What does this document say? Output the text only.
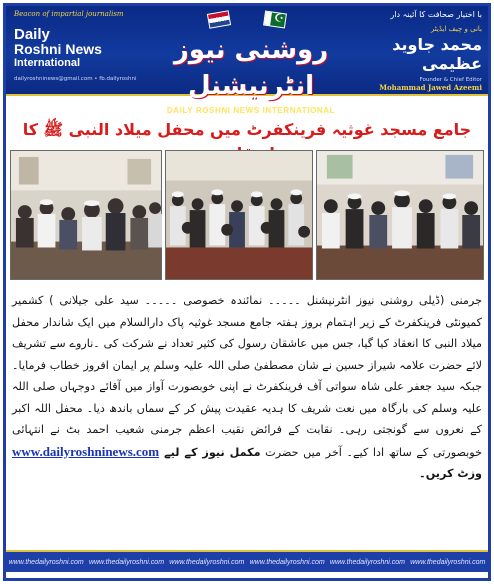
Beacon of impartial journalism
Daily
Roshni News
International
dailyroshninews@gmail.com • fb.dailyroshni
☪
روشنی نیوز انٹرنیشنل
DAILY ROSHNI NEWS INTERNATIONAL
با اختیار صحافت کا آئینہ دار
بانی و چیف ایڈیٹر
محمد جاوید عظیمی
Founder & Chief Editor
Mohammad Jawed Azeemi
جامع مسجد غوثیہ فرینکفرٹ میں محفل میلاد النبی ﷺ کا
جرمنی (ڈیلی روشنی نیوز انٹرنیشنل ۔۔۔۔۔ نمائندہ خصوصی ۔۔۔۔۔ سید علی جیلانی ) کشمیر کمیونٹی فرینکفرٹ کے زیر اہتمام بروز ہفتہ جامع مسجد غوثیہ پاک دارالسلام میں ایک شاندار محفل میلاد النبی کا انعقاد کیا گیا، جس میں عاشقان رسول کی کثیر تعداد نے شرکت کی ۔ناروے سے تشریف لائے حضرت علامہ شیراز حسین نے شان مصطفیٰ صلی اللہ علیہ وسلم پر ایمان افروز خطاب فرمایا۔ جبکہ سید جعفر علی شاہ سواتی آف فرینکفرٹ نے اپنی خوبصورت آواز میں آقائے دوجہاں صلی اللہ علیہ وسلم کی بارگاہ میں نعت شریف کا ہدیہ عقیدت پیش کر کے سماں باندھ دیا۔ محفل اللہ اکبر کے نعروں سے گونجتی رہی۔ نقابت کے فرائض نقیب اعظم جرمنی شعیب احمد بٹ نے انتہائی خوبصورتی کے ساتھ ادا کیے۔ آخر میں حضرت مکمل نیوز کے لیے www.dailyroshninews.com وزٹ کریں۔
www.thedailyroshni.com www.thedailyroshni.com www.thedailyroshni.com www.thedailyroshni.com www.thedailyroshni.com www.thedailyroshni.com
